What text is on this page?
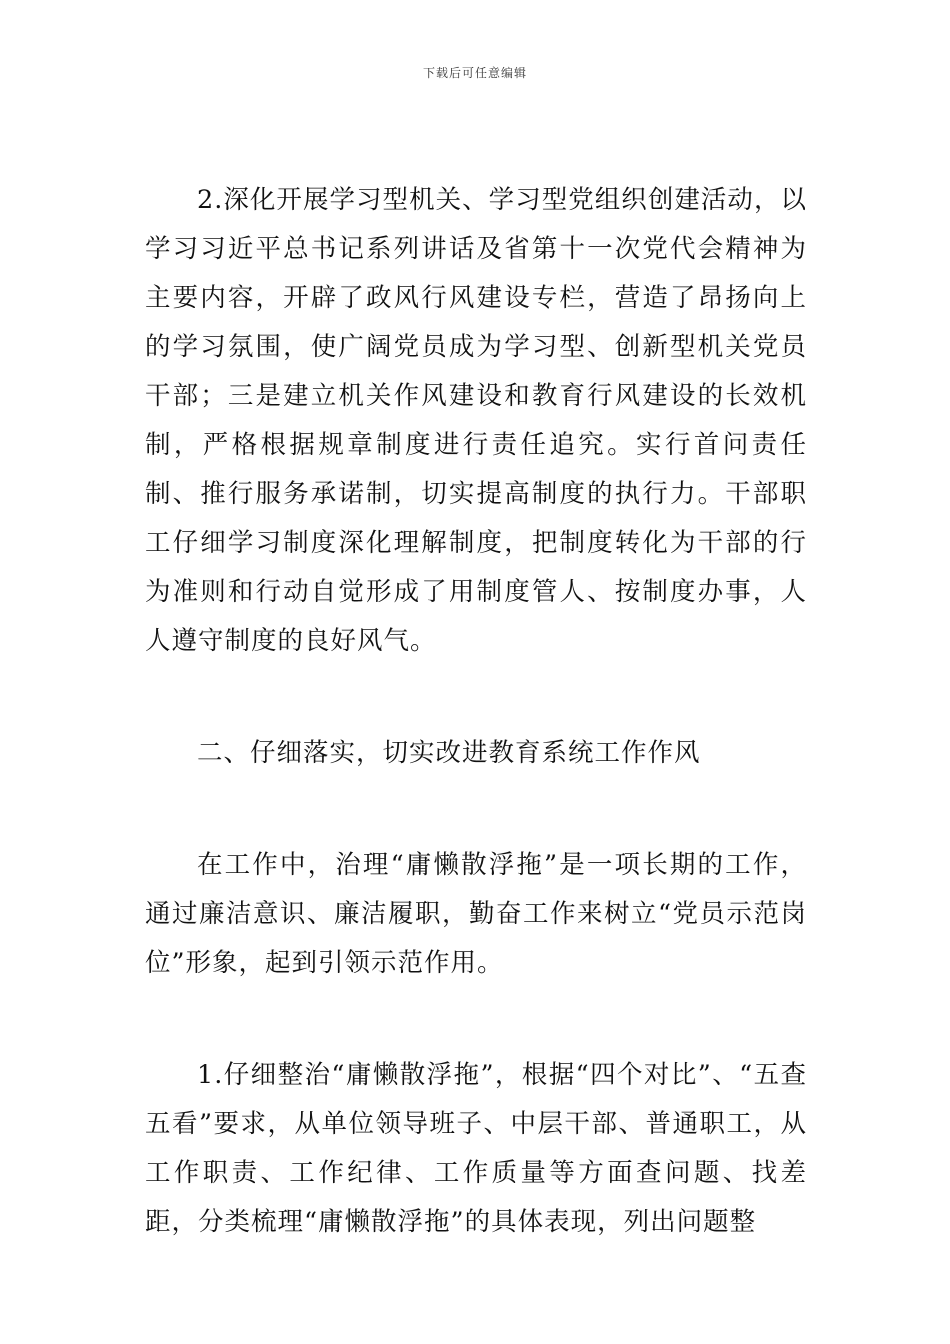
下载后可任意编辑

2.深化开展学习型机关、学习型党组织创建活动，以学习习近平总书记系列讲话及省第十一次党代会精神为主要内容，开辟了政风行风建设专栏，营造了昂扬向上的学习氛围，使广阔党员成为学习型、创新型机关党员干部；三是建立机关作风建设和教育行风建设的长效机制，严格根据规章制度进行责任追究。实行首问责任制、推行服务承诺制，切实提高制度的执行力。干部职工仔细学习制度深化理解制度，把制度转化为干部的行为准则和行动自觉形成了用制度管人、按制度办事，人人遵守制度的良好风气。

二、仔细落实，切实改进教育系统工作作风

在工作中，治理“庸懒散浮拖”是一项长期的工作，通过廉洁意识、廉洁履职，勤奋工作来树立“党员示范岗位”形象，起到引领示范作用。

1.仔细整治“庸懒散浮拖”，根据“四个对比”、“五查五看”要求，从单位领导班子、中层干部、普通职工，从工作职责、工作纪律、工作质量等方面查问题、找差距，分类梳理“庸懒散浮拖”的具体表现，列出问题整
